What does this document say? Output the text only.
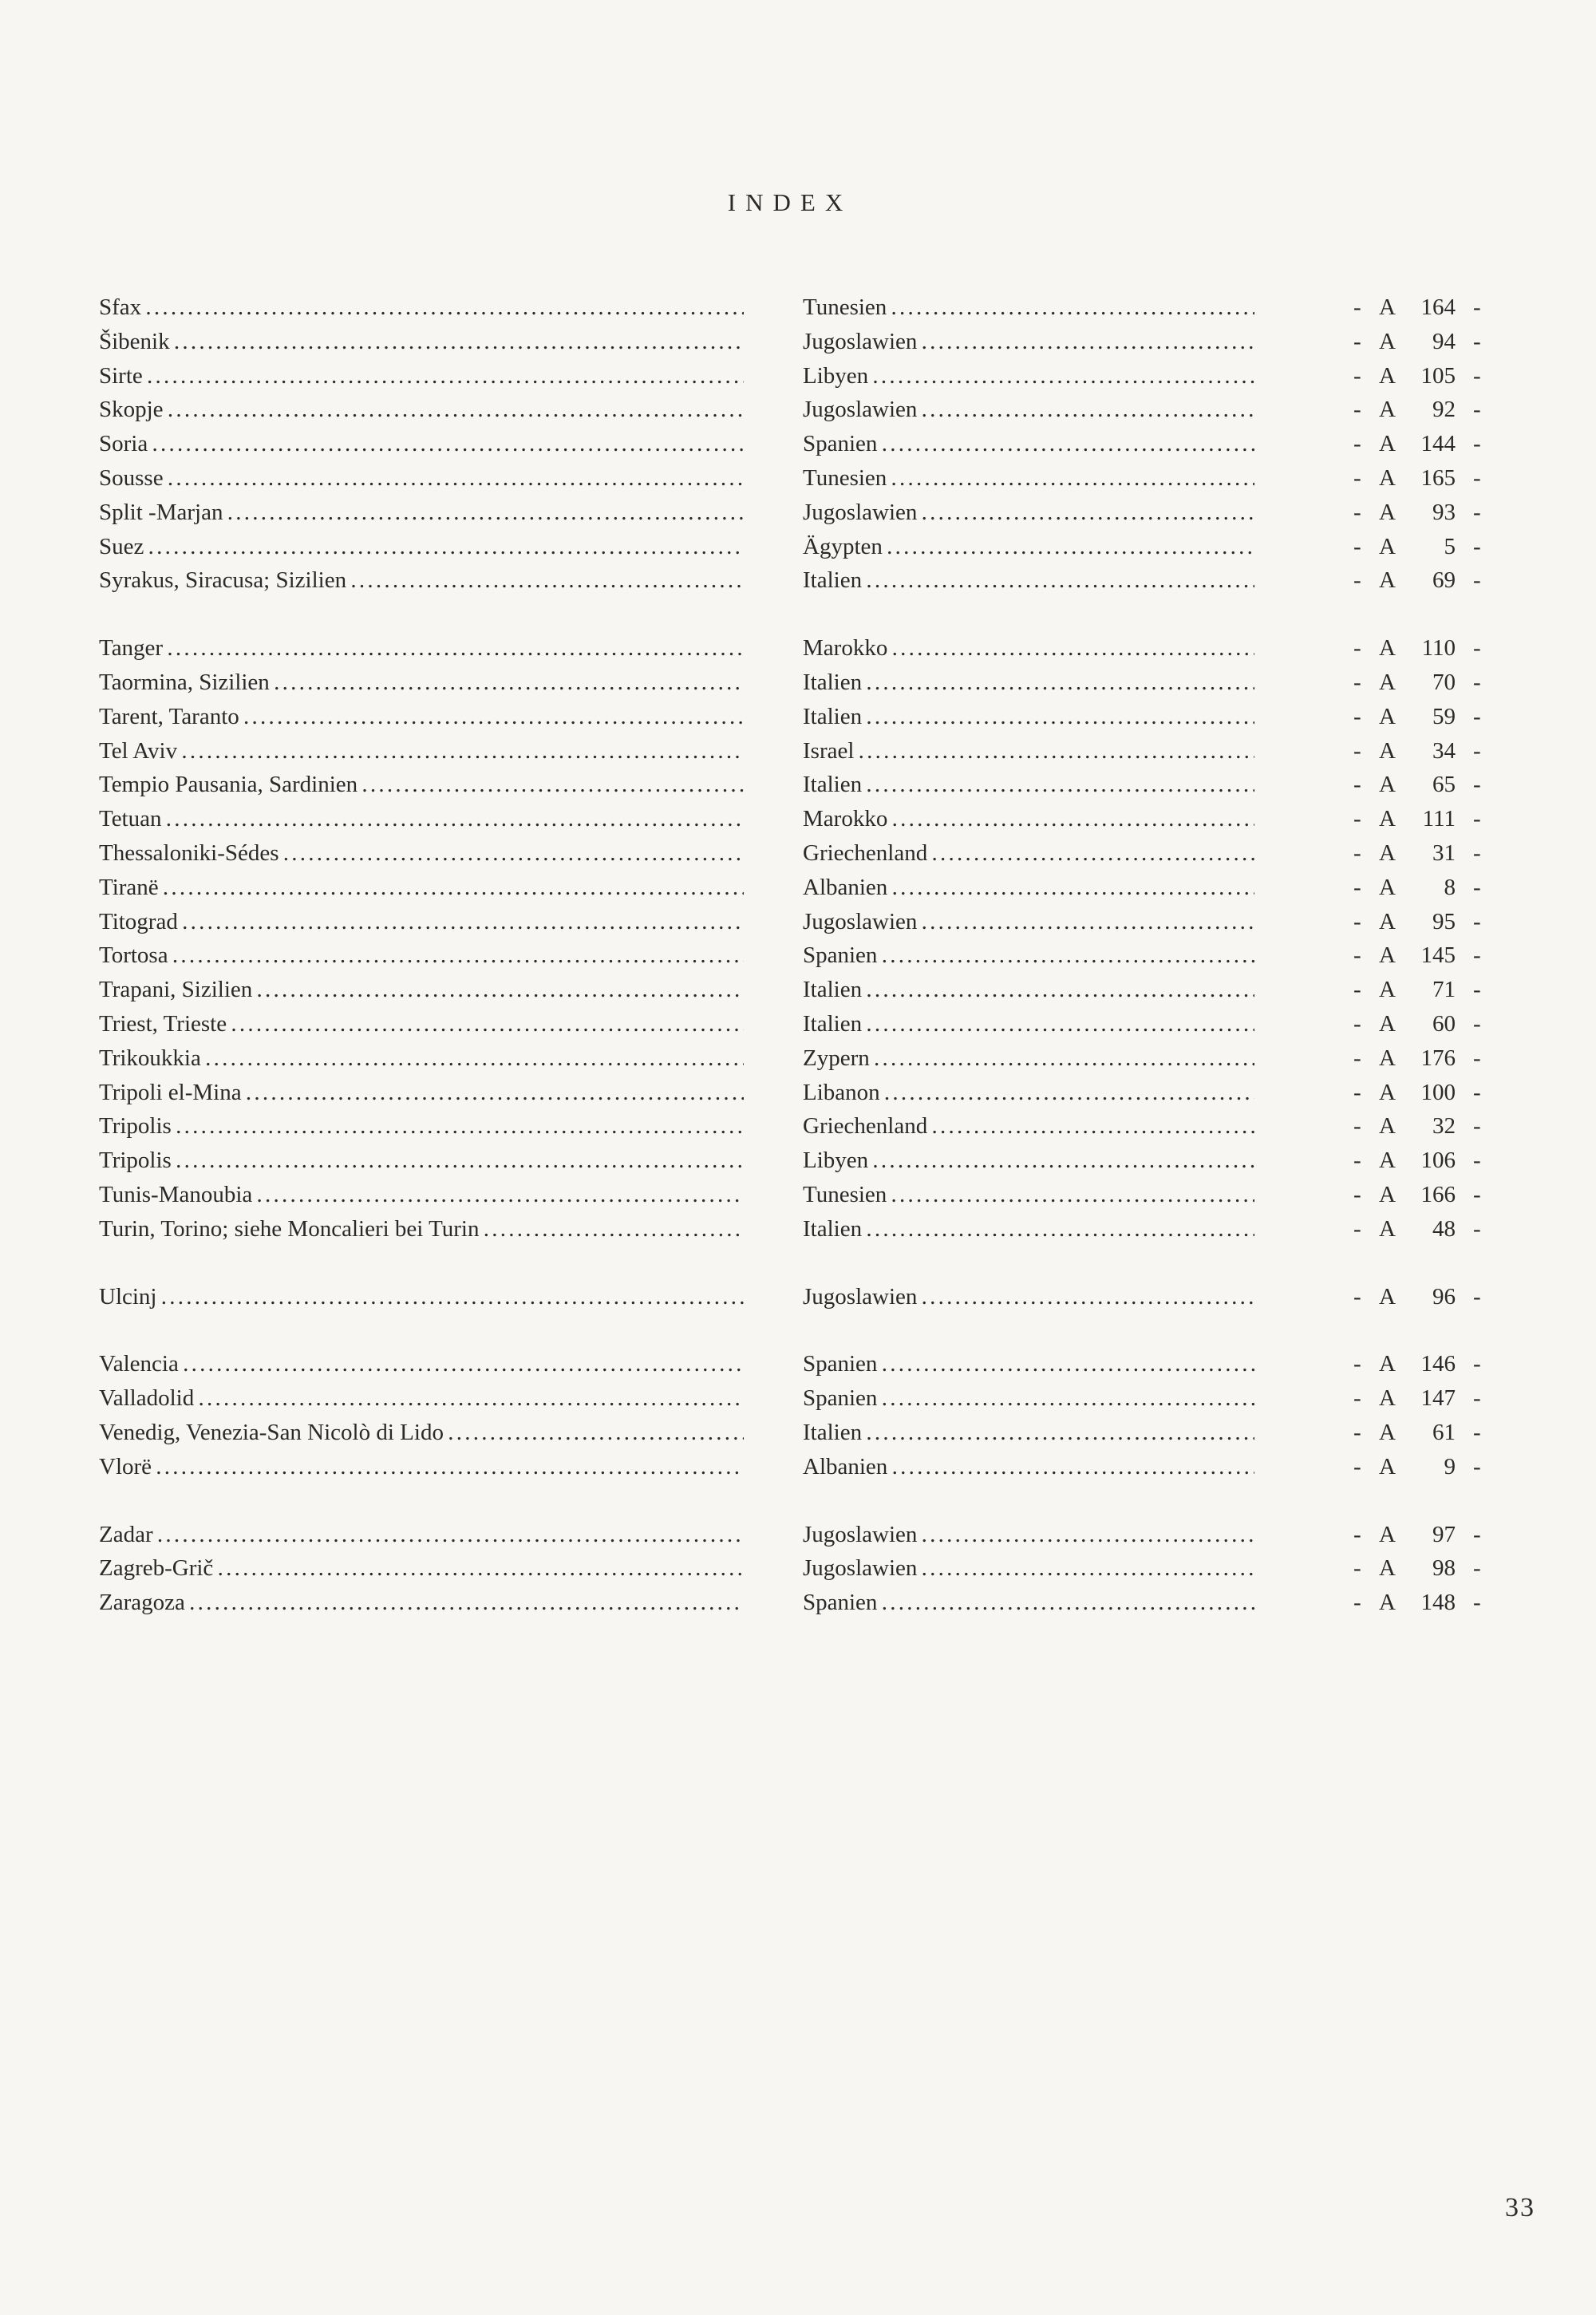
INDEX
Sfax . . .	Tunesien . . .	- A	164 -
Šibenik . . .	Jugoslawien . . .	- A	94 -
Sirte . . .	Libyen . . .	- A	105 -
Skopje . . .	Jugoslawien . . .	- A	92 -
Soria . . .	Spanien . . .	- A	144 -
Sousse . . .	Tunesien . . .	- A	165 -
Split -Marjan . . .	Jugoslawien . . .	- A	93 -
Suez . . .	Ägypten . . .	- A	5 -
Syrakus, Siracusa; Sizilien . . .	Italien . . .	- A	69 -
Tanger . . .	Marokko . . .	- A	110 -
Taormina, Sizilien . . .	Italien . . .	- A	70 -
Tarent, Taranto . . .	Italien . . .	- A	59 -
Tel Aviv . . .	Israel . . .	- A	34 -
Tempio Pausania, Sardinien . . .	Italien . . .	- A	65 -
Tetuan . . .	Marokko . . .	- A	111 -
Thessaloniki-Sédes . . .	Griechenland . . .	- A	31 -
Tiranë . . .	Albanien . . .	- A	8 -
Titograd . . .	Jugoslawien . . .	- A	95 -
Tortosa . . .	Spanien . . .	- A	145 -
Trapani, Sizilien . . .	Italien . . .	- A	71 -
Triest, Trieste . . .	Italien . . .	- A	60 -
Trikoukkia . . .	Zypern . . .	- A	176 -
Tripoli el-Mina . . .	Libanon . . .	- A	100 -
Tripolis . . .	Griechenland . . .	- A	32 -
Tripolis . . .	Libyen . . .	- A	106 -
Tunis-Manoubia . . .	Tunesien . . .	- A	166 -
Turin, Torino; siehe Moncalieri bei Turin . . .	Italien . . .	- A	48 -
Ulcinj . . .	Jugoslawien . . .	- A	96 -
Valencia . . .	Spanien . . .	- A	146 -
Valladolid . . .	Spanien . . .	- A	147 -
Venedig, Venezia-San Nicolò di Lido . . .	Italien . . .	- A	61 -
Vlorë . . .	Albanien . . .	- A	9 -
Zadar . . .	Jugoslawien . . .	- A	97 -
Zagreb-Grič . . .	Jugoslawien . . .	- A	98 -
Zaragoza . . .	Spanien . . .	- A	148 -
33
